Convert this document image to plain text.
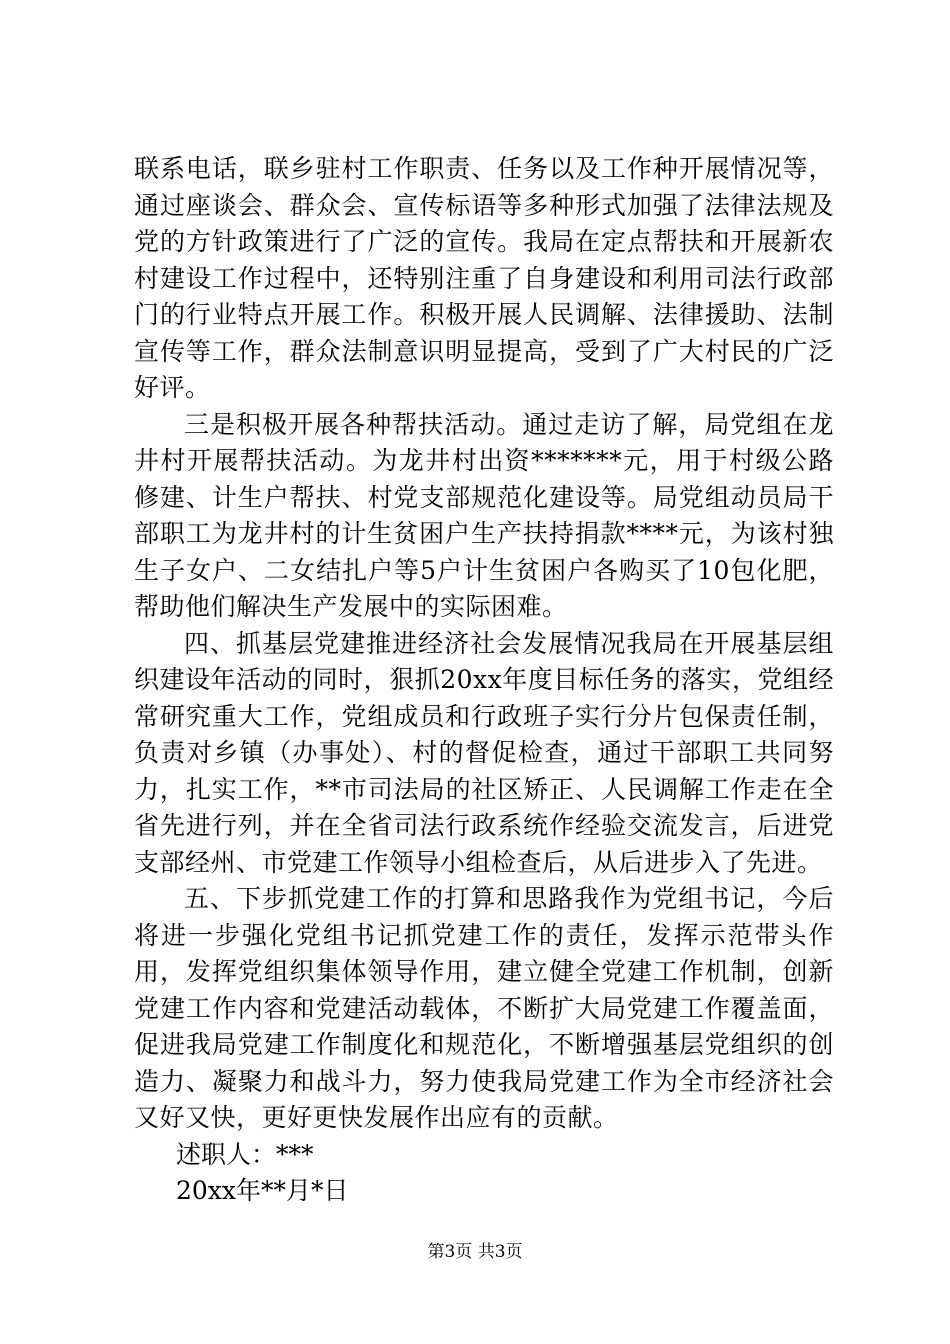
联系电话，联乡驻村工作职责、任务以及工作种开展情况等，通过座谈会、群众会、宣传标语等多种形式加强了法律法规及党的方针政策进行了广泛的宣传。我局在定点帮扶和开展新农村建设工作过程中，还特别注重了自身建设和利用司法行政部门的行业特点开展工作。积极开展人民调解、法律援助、法制宣传等工作，群众法制意识明显提高，受到了广大村民的广泛好评。

三是积极开展各种帮扶活动。通过走访了解，局党组在龙井村开展帮扶活动。为龙井村出资*******元，用于村级公路修建、计生户帮扶、村党支部规范化建设等。局党组动员局干部职工为龙井村的计生贫困户生产扶持捐款****元，为该村独生子女户、二女结扎户等5户计生贫困户各购买了10包化肥，帮助他们解决生产发展中的实际困难。

四、抓基层党建推进经济社会发展情况我局在开展基层组织建设年活动的同时，狠抓20xx年度目标任务的落实，党组经常研究重大工作，党组成员和行政班子实行分片包保责任制，负责对乡镇（办事处）、村的督促检查，通过干部职工共同努力，扎实工作，**市司法局的社区矫正、人民调解工作走在全省先进行列，并在全省司法行政系统作经验交流发言，后进党支部经州、市党建工作领导小组检查后，从后进步入了先进。

五、下步抓党建工作的打算和思路我作为党组书记，今后将进一步强化党组书记抓党建工作的责任，发挥示范带头作用，发挥党组织集体领导作用，建立健全党建工作机制，创新党建工作内容和党建活动载体，不断扩大局党建工作覆盖面，促进我局党建工作制度化和规范化，不断增强基层党组织的创造力、凝聚力和战斗力，努力使我局党建工作为全市经济社会又好又快，更好更快发展作出应有的贡献。

述职人：***

20xx年**月*日

第3页 共3页
